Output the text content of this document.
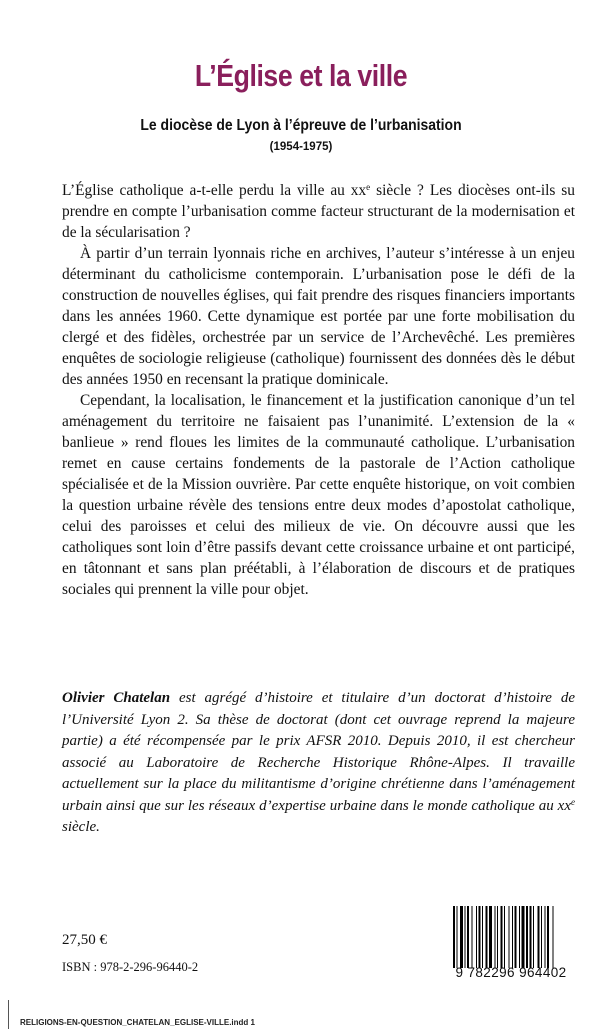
L’Église et la ville
Le diocèse de Lyon à l’épreuve de l’urbanisation
(1954-1975)

L’Église catholique a-t-elle perdu la ville au $xx^e$ siècle ? Les diocèses ont-ils su prendre en compte l’urbanisation comme facteur structurant de la modernisation et de la sécularisation ?

À partir d’un terrain lyonnais riche en archives, l’auteur s’intéresse à un enjeu déterminant du catholicisme contemporain. L’urbanisation pose le défi de la construction de nouvelles églises, qui fait prendre des risques financiers importants dans les années 1960. Cette dynamique est portée par une forte mobilisation du clergé et des fidèles, orchestrée par un service de l’Archevêché. Les premières enquêtes de sociologie religieuse (catholique) fournissent des données dès le début des années 1950 en recensant la pratique dominicale.

Cependant, la localisation, le financement et la justification canonique d’un tel aménagement du territoire ne faisaient pas l’unanimité. L’extension de la « banlieue » rend floues les limites de la communauté catholique. L’urbanisation remet en cause certains fondements de la pastorale de l’Action catholique spécialisée et de la Mission ouvrière. Par cette enquête historique, on voit combien la question urbaine révèle des tensions entre deux modes d’apostolat catholique, celui des paroisses et celui des milieux de vie. On découvre aussi que les catholiques sont loin d’être passifs devant cette croissance urbaine et ont participé, en tâtonnant et sans plan préétabli, à l’élaboration de discours et de pratiques sociales qui prennent la ville pour objet.

Olivier Chatelan est agrégé d’histoire et titulaire d’un doctorat d’histoire de l’Université Lyon 2. Sa thèse de doctorat (dont cet ouvrage reprend la majeure partie) a été récompensée par le prix AFSR 2010. Depuis 2010, il est chercheur associé au Laboratoire de Recherche Historique Rhône-Alpes. Il travaille actuellement sur la place du militantisme d’origine chrétienne dans l’aménagement urbain ainsi que sur les réseaux d’expertise urbaine dans le monde catholique au $xx^e$ siècle.
27,50 €
ISBN : 978-2-296-96440-2	9 782296 964402
RELIGIONS-EN-QUESTION_CHATELAN_EGLISE-VILLE.indd 1
